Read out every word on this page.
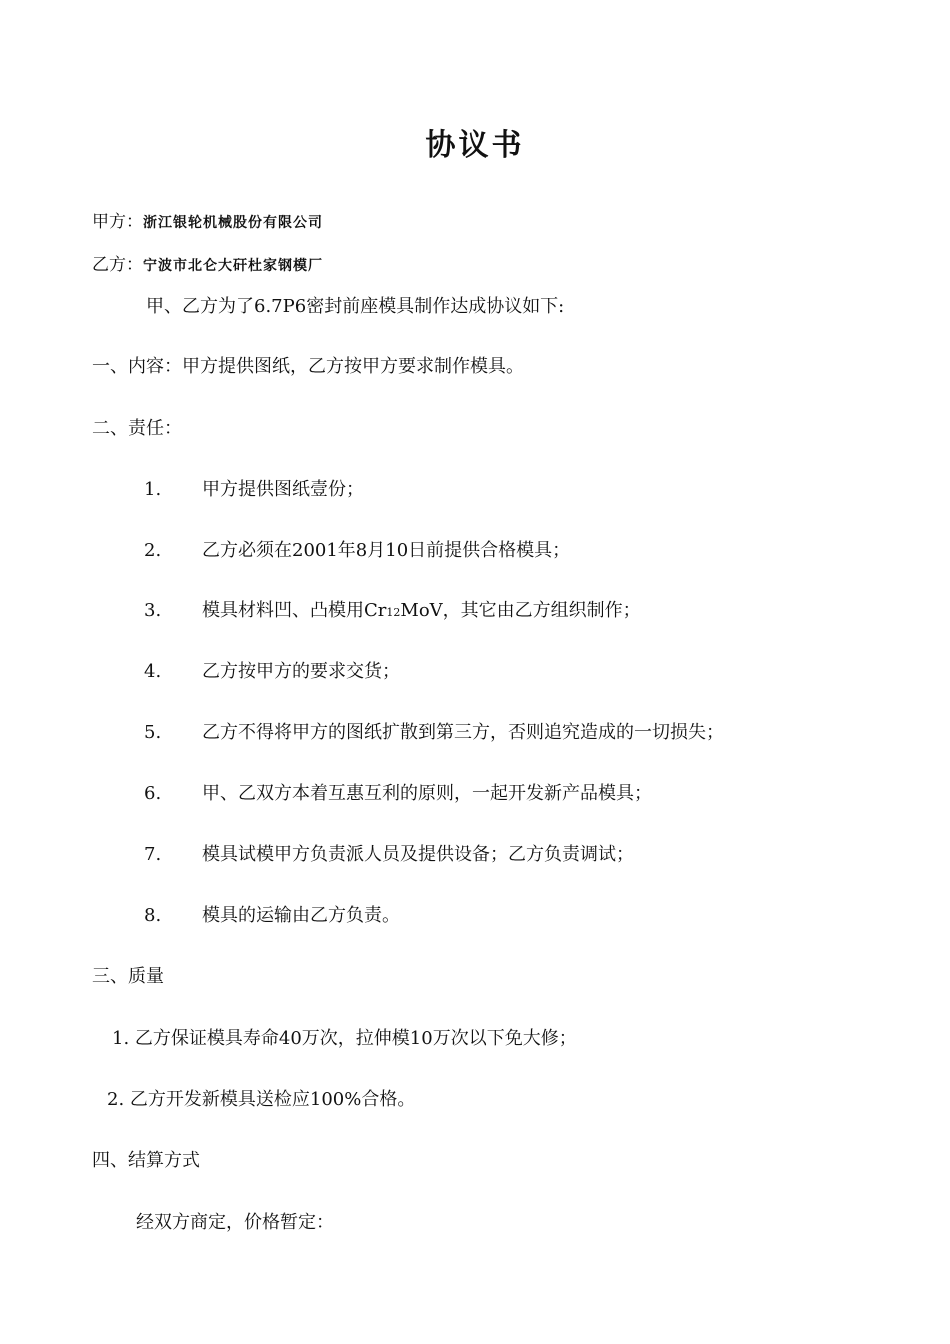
协议书
甲方：浙江银轮机械股份有限公司
乙方：宁波市北仑大矸杜家钢模厂
甲、乙方为了6.7P6密封前座模具制作达成协议如下:
一、内容：甲方提供图纸，乙方按甲方要求制作模具。
二、责任：
1. 甲方提供图纸壹份；
2. 乙方必须在2001年8月10日前提供合格模具；
3. 模具材料凹、凸模用Cr12MoV，其它由乙方组织制作；
4. 乙方按甲方的要求交货；
5. 乙方不得将甲方的图纸扩散到第三方，否则追究造成的一切损失；
6. 甲、乙双方本着互惠互利的原则，一起开发新产品模具；
7. 模具试模甲方负责派人员及提供设备；乙方负责调试；
8. 模具的运输由乙方负责。
三、质量
1. 乙方保证模具寿命40万次，拉伸模10万次以下免大修；
2. 乙方开发新模具送检应100%合格。
四、结算方式
经双方商定，价格暂定：
